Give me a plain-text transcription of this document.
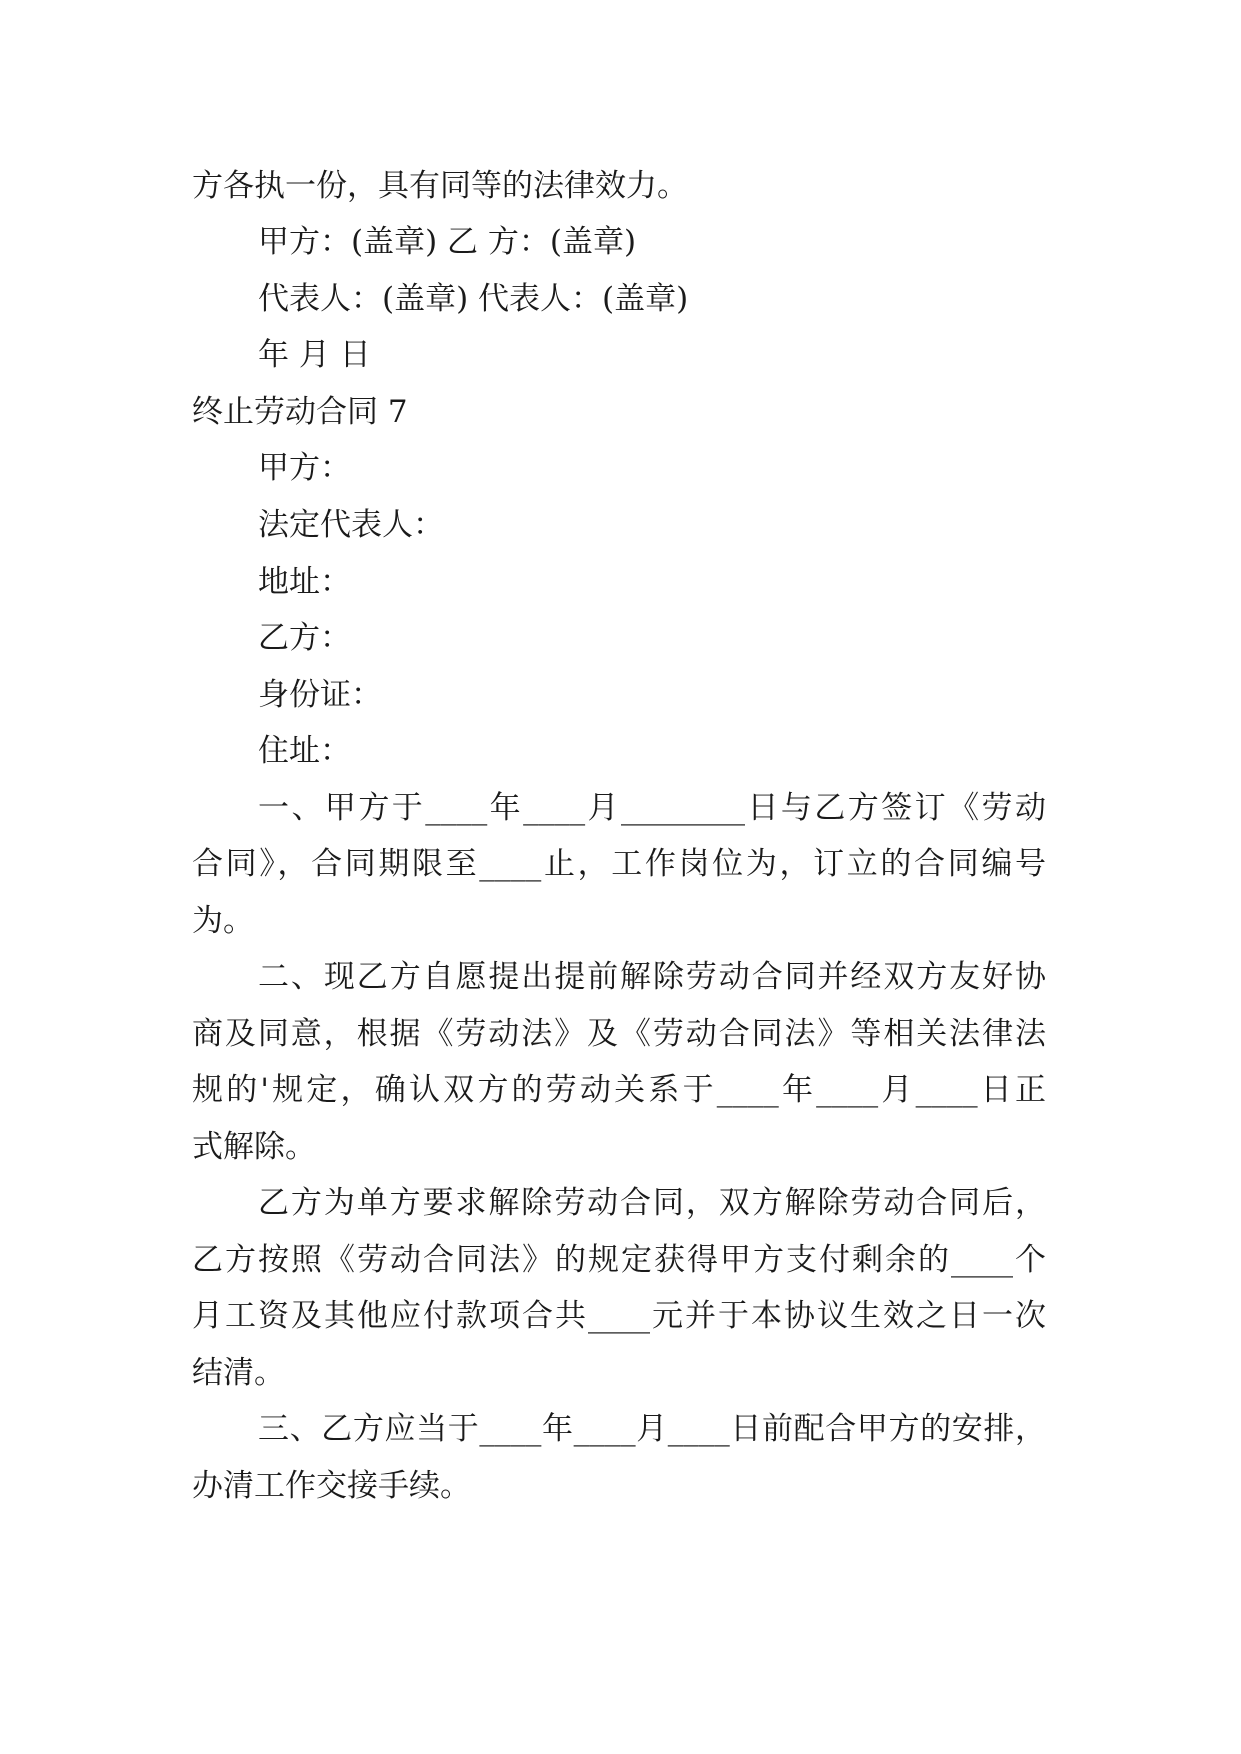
方各执一份，具有同等的法律效力。

甲方：(盖章) 乙 方：(盖章)

代表人：(盖章) 代表人：(盖章)

年 月 日

终止劳动合同 7

甲方：

法定代表人：

地址：

乙方：

身份证：

住址：

一、甲方于____年____月________日与乙方签订《劳动

合同》，合同期限至____止，工作岗位为，订立的合同编号

为。

二、现乙方自愿提出提前解除劳动合同并经双方友好协

商及同意，根据《劳动法》及《劳动合同法》等相关法律法

规的'规定，确认双方的劳动关系于____年____月____日正

式解除。

乙方为单方要求解除劳动合同，双方解除劳动合同后，

乙方按照《劳动合同法》的规定获得甲方支付剩余的____个

月工资及其他应付款项合共____元并于本协议生效之日一次

结清。

三、乙方应当于____年____月____日前配合甲方的安排，

办清工作交接手续。
